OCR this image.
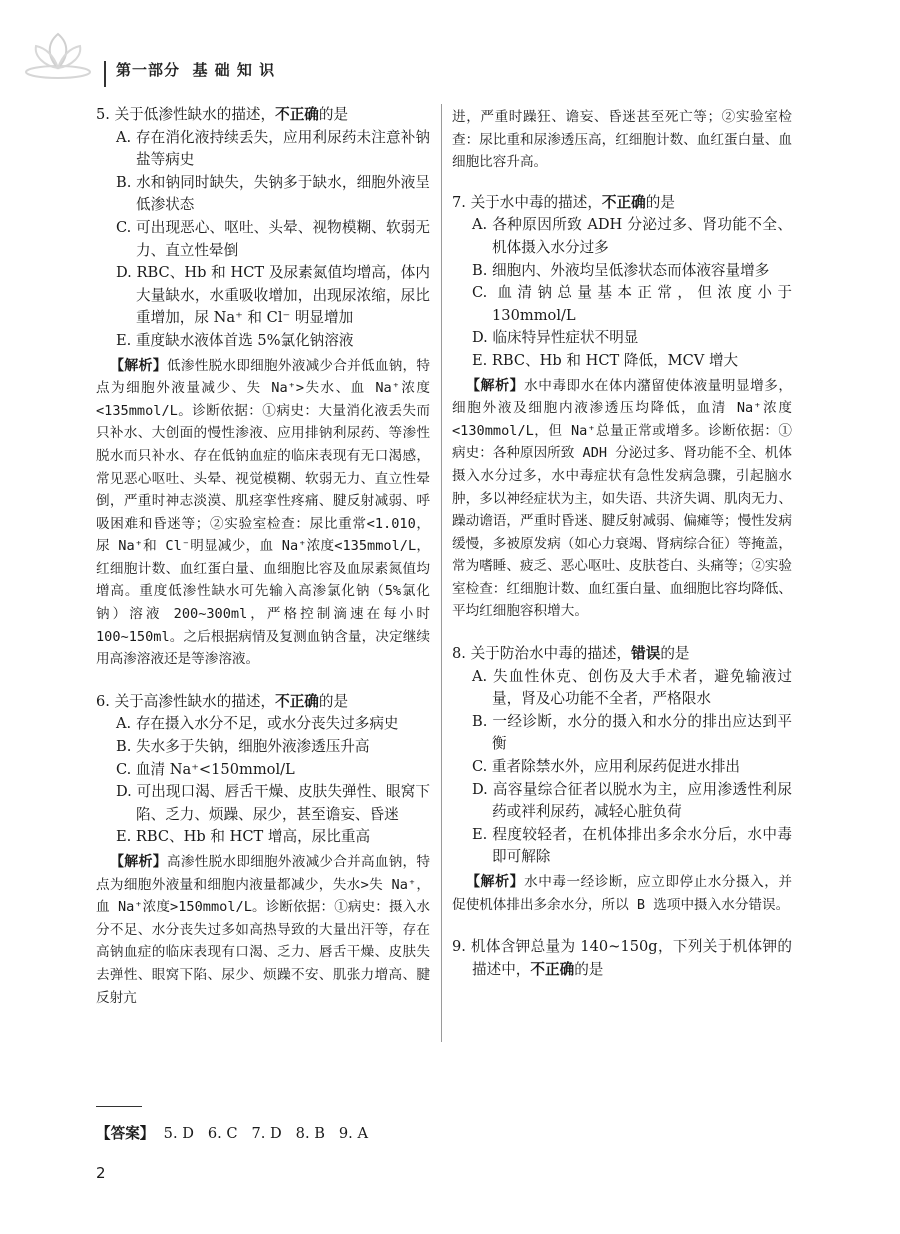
第一部分  基 础 知 识

5. 关于低渗性缺水的描述，不正确的是

A. 存在消化液持续丢失，应用利尿药未注意补钠盐等病史

B. 水和钠同时缺失，失钠多于缺水，细胞外液呈低渗状态

C. 可出现恶心、呕吐、头晕、视物模糊、软弱无力、直立性晕倒

D. RBC、Hb 和 HCT 及尿素氮值均增高，体内大量缺水，水重吸收增加，出现尿浓缩，尿比重增加，尿 Na⁺ 和 Cl⁻ 明显增加

E. 重度缺水液体首选 5%氯化钠溶液

【解析】低渗性脱水即细胞外液减少合并低血钠，特点为细胞外液量减少、失 Na⁺>失水、血 Na⁺浓度<135mmol/L。诊断依据：①病史：大量消化液丢失而只补水、大创面的慢性渗液、应用排钠利尿药、等渗性脱水而只补水、存在低钠血症的临床表现有无口渴感，常见恶心呕吐、头晕、视觉模糊、软弱无力、直立性晕倒，严重时神志淡漠、肌痉挛性疼痛、腱反射减弱、呼吸困难和昏迷等；②实验室检查：尿比重常<1.010，尿 Na⁺和 Cl⁻明显减少，血 Na⁺浓度<135mmol/L，红细胞计数、血红蛋白量、血细胞比容及血尿素氮值均增高。重度低渗性缺水可先输入高渗氯化钠（5%氯化钠）溶液 200~300ml，严格控制滴速在每小时 100~150ml。之后根据病情及复测血钠含量，决定继续用高渗溶液还是等渗溶液。

6. 关于高渗性缺水的描述，不正确的是

A. 存在摄入水分不足，或水分丧失过多病史

B. 失水多于失钠，细胞外液渗透压升高

C. 血清 Na⁺<150mmol/L

D. 可出现口渴、唇舌干燥、皮肤失弹性、眼窝下陷、乏力、烦躁、尿少，甚至谵妄、昏迷

E. RBC、Hb 和 HCT 增高，尿比重高

【解析】高渗性脱水即细胞外液减少合并高血钠，特点为细胞外液量和细胞内液量都减少，失水>失 Na⁺，血 Na⁺浓度>150mmol/L。诊断依据：①病史：摄入水分不足、水分丧失过多如高热导致的大量出汗等，存在高钠血症的临床表现有口渴、乏力、唇舌干燥、皮肤失去弹性、眼窝下陷、尿少、烦躁不安、肌张力增高、腱反射亢

进，严重时躁狂、谵妄、昏迷甚至死亡等；②实验室检查：尿比重和尿渗透压高，红细胞计数、血红蛋白量、血细胞比容升高。

7. 关于水中毒的描述，不正确的是

A. 各种原因所致 ADH 分泌过多、肾功能不全、机体摄入水分过多

B. 细胞内、外液均呈低渗状态而体液容量增多

C. 血清钠总量基本正常，但浓度小于 130mmol/L

D. 临床特异性症状不明显

E. RBC、Hb 和 HCT 降低，MCV 增大

【解析】水中毒即水在体内潴留使体液量明显增多，细胞外液及细胞内液渗透压均降低，血清 Na⁺浓度<130mmol/L，但 Na⁺总量正常或增多。诊断依据：①病史：各种原因所致 ADH 分泌过多、肾功能不全、机体摄入水分过多，水中毒症状有急性发病急骤，引起脑水肿，多以神经症状为主，如失语、共济失调、肌肉无力、躁动谵语，严重时昏迷、腱反射减弱、偏瘫等；慢性发病缓慢，多被原发病（如心力衰竭、肾病综合征）等掩盖，常为嗜睡、疲乏、恶心呕吐、皮肤苍白、头痛等；②实验室检查：红细胞计数、血红蛋白量、血细胞比容均降低、平均红细胞容积增大。

8. 关于防治水中毒的描述，错误的是

A. 失血性休克、创伤及大手术者，避免输液过量，肾及心功能不全者，严格限水

B. 一经诊断，水分的摄入和水分的排出应达到平衡

C. 重者除禁水外，应用利尿药促进水排出

D. 高容量综合征者以脱水为主，应用渗透性利尿药或袢利尿药，减轻心脏负荷

E. 程度较轻者，在机体排出多余水分后，水中毒即可解除

【解析】水中毒一经诊断，应立即停止水分摄入，并促使机体排出多余水分，所以 B 选项中摄入水分错误。

9. 机体含钾总量为 140~150g，下列关于机体钾的描述中，不正确的是

【答案】 5. D   6. C   7. D   8. B   9. A
2
